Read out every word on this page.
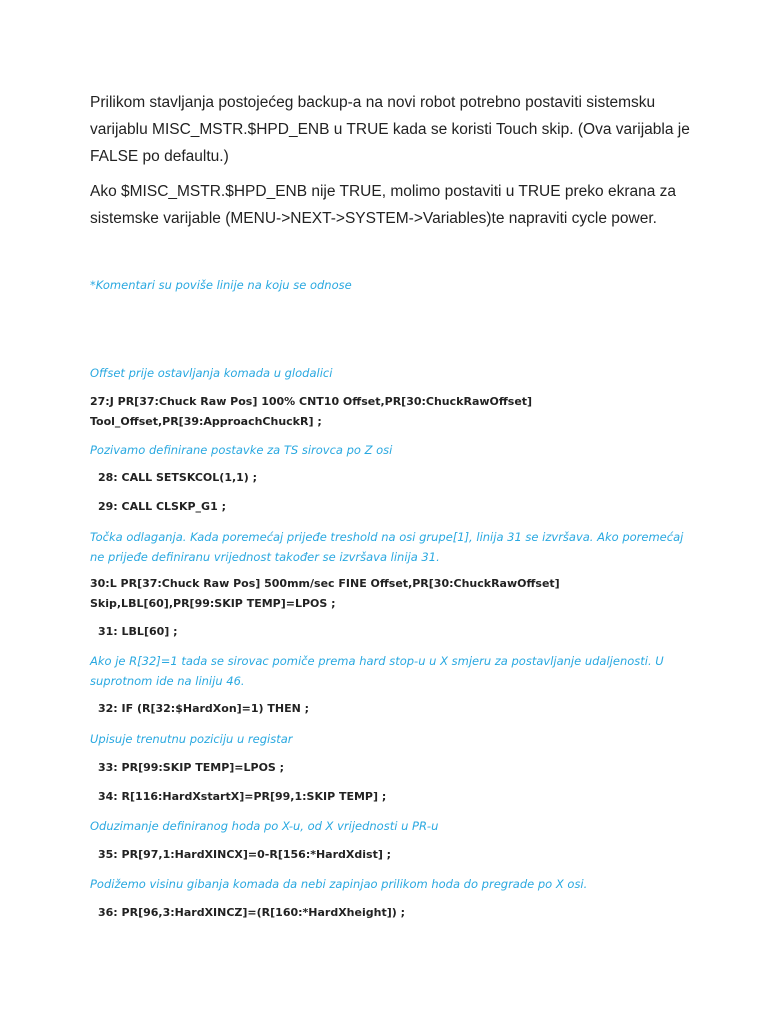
Prilikom stavljanja postojećeg backup-a na novi robot potrebno postaviti sistemsku varijablu MISC_MSTR.$HPD_ENB u TRUE kada se koristi Touch skip. (Ova varijabla je FALSE po defaultu.)

Ako $MISC_MSTR.$HPD_ENB nije TRUE, molimo postaviti u TRUE preko ekrana za sistemske varijable (MENU->NEXT->SYSTEM->Variables)te napraviti cycle power.

*Komentari su poviše linije na koju se odnose

Offset prije ostavljanja komada u glodalici

27:J PR[37:Chuck Raw Pos] 100% CNT10 Offset,PR[30:ChuckRawOffset] Tool_Offset,PR[39:ApproachChuckR] ;

Pozivamo definirane postavke za TS sirovca po Z osi

28: CALL SETSKCOL(1,1) ;

29: CALL CLSKP_G1 ;

Točka odlaganja. Kada poremećaj prijeđe treshold na osi grupe[1], linija 31 se izvršava. Ako poremećaj ne prijeđe definiranu vrijednost također se izvršava linija 31.

30:L PR[37:Chuck Raw Pos] 500mm/sec FINE Offset,PR[30:ChuckRawOffset] Skip,LBL[60],PR[99:SKIP TEMP]=LPOS ;

31: LBL[60] ;

Ako je R[32]=1 tada se sirovac pomiče prema hard stop-u u X smjeru za postavljanje udaljenosti. U suprotnom ide na liniju 46.

32: IF (R[32:$HardXon]=1) THEN ;

Upisuje trenutnu poziciju u registar

33: PR[99:SKIP TEMP]=LPOS ;

34: R[116:HardXstartX]=PR[99,1:SKIP TEMP] ;

Oduzimanje definiranog hoda po X-u, od X vrijednosti u PR-u

35: PR[97,1:HardXINCX]=0-R[156:*HardXdist] ;

Podižemo visinu gibanja komada da nebi zapinjao prilikom hoda do pregrade po X osi.

36: PR[96,3:HardXINCZ]=(R[160:*HardXheight]) ;
